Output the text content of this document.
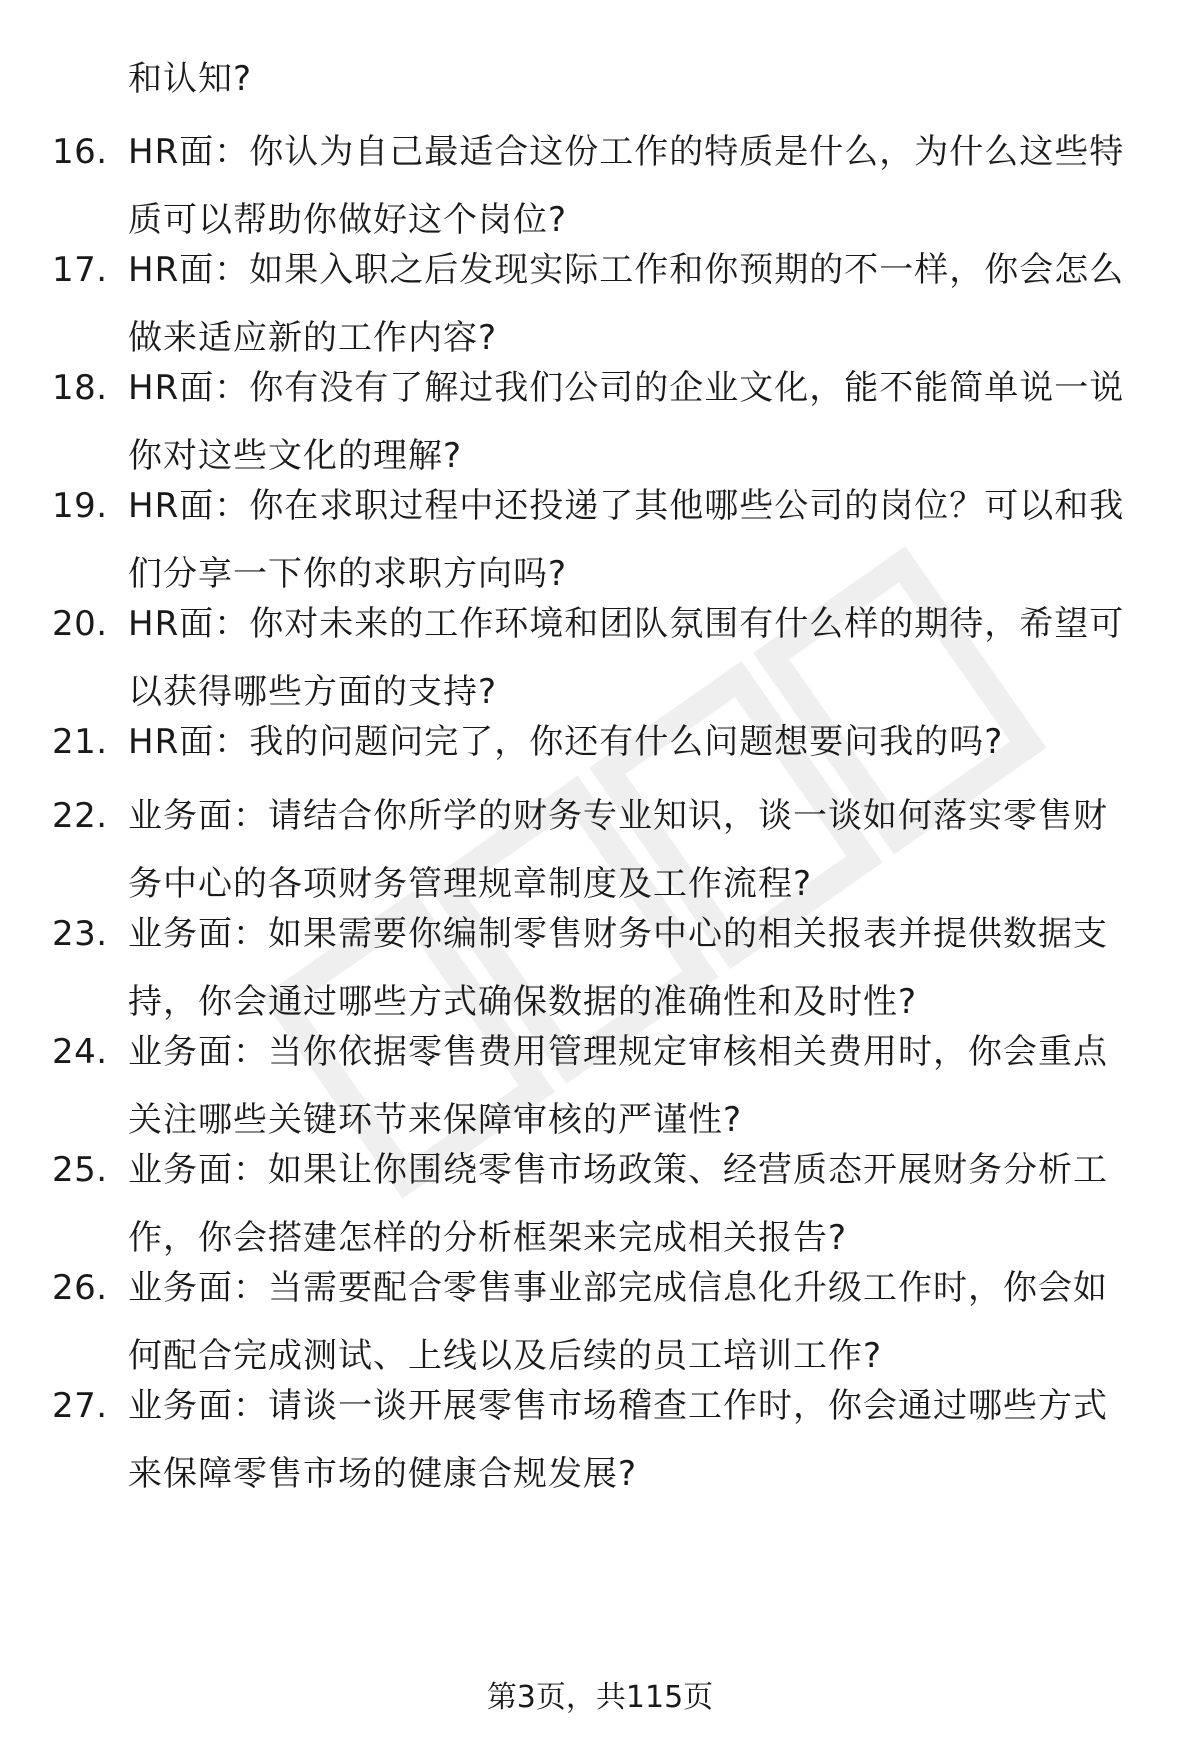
和认知?
16. HR面：你认为自己最适合这份工作的特质是什么，为什么这些特
质可以帮助你做好这个岗位?
17. HR面：如果入职之后发现实际工作和你预期的不一样，你会怎么
做来适应新的工作内容?
18. HR面：你有没有了解过我们公司的企业文化，能不能简单说一说
你对这些文化的理解?
19. HR面：你在求职过程中还投递了其他哪些公司的岗位？可以和我
们分享一下你的求职方向吗?
20. HR面：你对未来的工作环境和团队氛围有什么样的期待，希望可
以获得哪些方面的支持?
21. HR面：我的问题问完了，你还有什么问题想要问我的吗?
22. 业务面：请结合你所学的财务专业知识，谈一谈如何落实零售财
务中心的各项财务管理规章制度及工作流程?
23. 业务面：如果需要你编制零售财务中心的相关报表并提供数据支
持，你会通过哪些方式确保数据的准确性和及时性?
24. 业务面：当你依据零售费用管理规定审核相关费用时，你会重点
关注哪些关键环节来保障审核的严谨性?
25. 业务面：如果让你围绕零售市场政策、经营质态开展财务分析工
作，你会搭建怎样的分析框架来完成相关报告?
26. 业务面：当需要配合零售事业部完成信息化升级工作时，你会如
何配合完成测试、上线以及后续的员工培训工作?
27. 业务面：请谈一谈开展零售市场稽查工作时，你会通过哪些方式
来保障零售市场的健康合规发展?
第3页，共115页
